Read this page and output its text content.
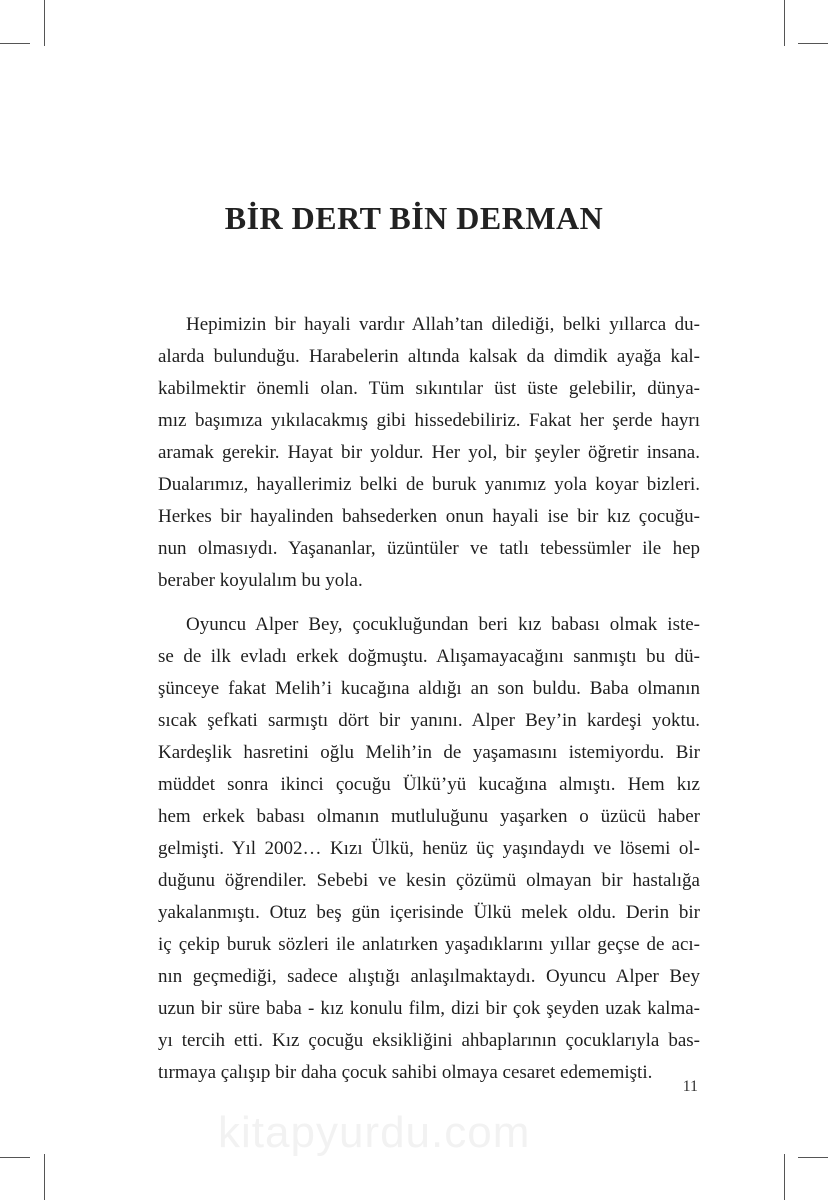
BİR DERT BİN DERMAN

Hepimizin bir hayali vardır Allah’tan dilediği, belki yıllarca du-
alarda bulunduğu. Harabelerin altında kalsak da dimdik ayağa kal-
kabilmektir önemli olan. Tüm sıkıntılar üst üste gelebilir, dünya-
mız başımıza yıkılacakmış gibi hissedebiliriz. Fakat her şerde hayrı
aramak gerekir. Hayat bir yoldur. Her yol, bir şeyler öğretir insana.
Dualarımız, hayallerimiz belki de buruk yanımız yola koyar bizleri.
Herkes bir hayalinden bahsederken onun hayali ise bir kız çocuğu-
nun olmasıydı. Yaşananlar, üzüntüler ve tatlı tebessümler ile hep
beraber koyulalım bu yola.

Oyuncu Alper Bey, çocukluğundan beri kız babası olmak iste-
se de ilk evladı erkek doğmuştu. Alışamayacağını sanmıştı bu dü-
şünceye fakat Melih’i kucağına aldığı an son buldu. Baba olmanın
sıcak şefkati sarmıştı dört bir yanını. Alper Bey’in kardeşi yoktu.
Kardeşlik hasretini oğlu Melih’in de yaşamasını istemiyordu. Bir
müddet sonra ikinci çocuğu Ülkü’yü kucağına almıştı. Hem kız
hem erkek babası olmanın mutluluğunu yaşarken o üzücü haber
gelmişti. Yıl 2002… Kızı Ülkü, henüz üç yaşındaydı ve lösemi ol-
duğunu öğrendiler. Sebebi ve kesin çözümü olmayan bir hastalığa
yakalanmıştı. Otuz beş gün içerisinde Ülkü melek oldu. Derin bir
iç çekip buruk sözleri ile anlatırken yaşadıklarını yıllar geçse de acı-
nın geçmediği, sadece alıştığı anlaşılmaktaydı. Oyuncu Alper Bey
uzun bir süre baba - kız konulu film, dizi bir çok şeyden uzak kalma-
yı tercih etti. Kız çocuğu eksikliğini ahbaplarının çocuklarıyla bas-
tırmaya çalışıp bir daha çocuk sahibi olmaya cesaret edememişti.

11
kitapyurdu.com
